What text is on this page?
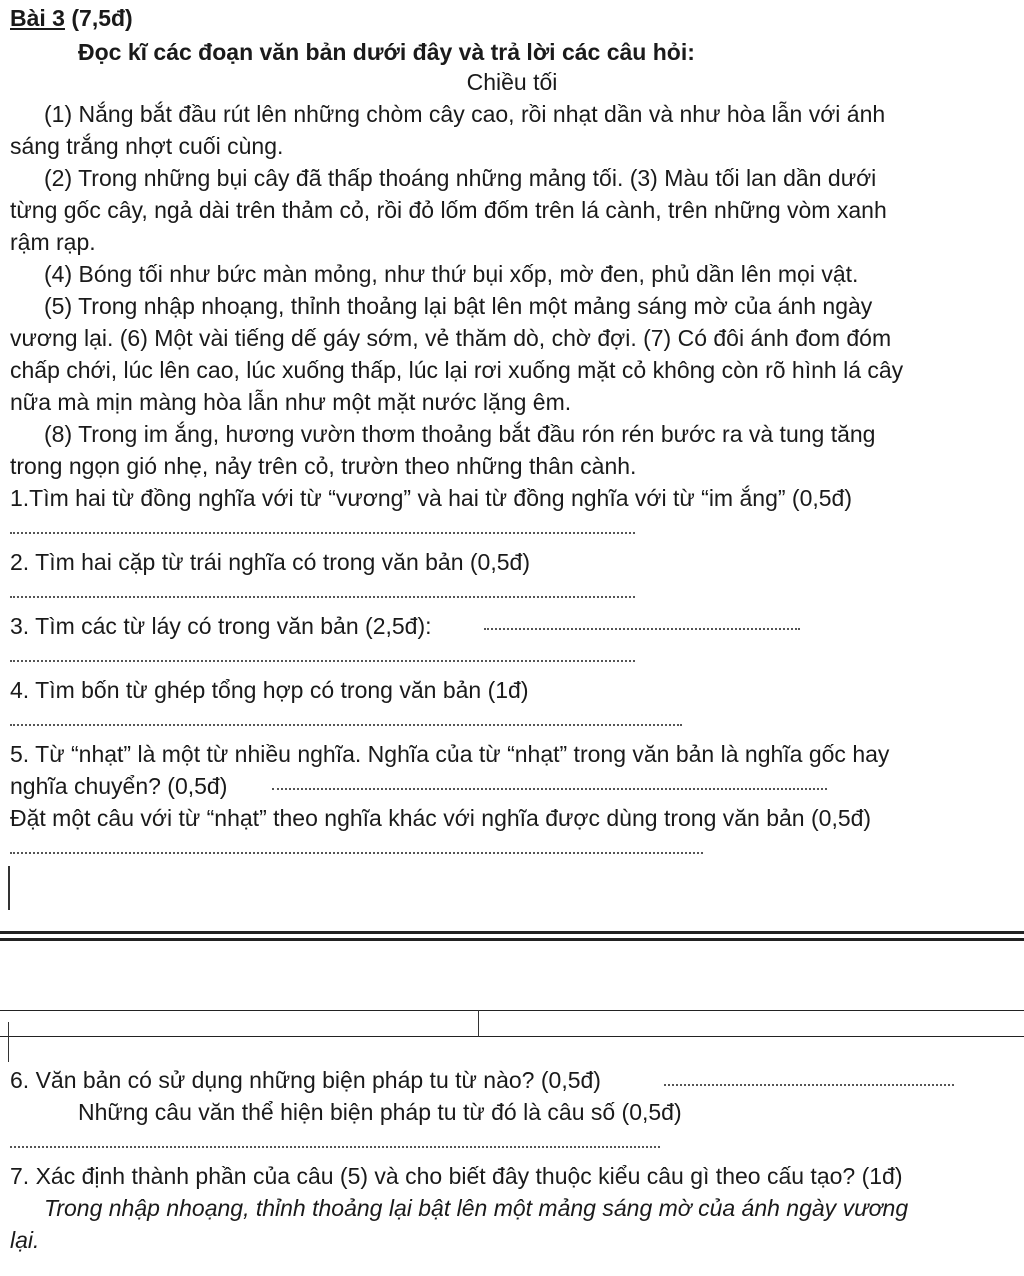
Bài 3 (7,5đ)
Đọc kĩ các đoạn văn bản dưới đây và trả lời các câu hỏi:
Chiều tối
(1) Nắng bắt đầu rút lên những chòm cây cao, rồi nhạt dần và như hòa lẫn với ánh
sáng trắng nhợt cuối cùng.
(2) Trong những bụi cây đã thấp thoáng những mảng tối. (3) Màu tối lan dần dưới
từng gốc cây, ngả dài trên thảm cỏ, rồi đỏ lốm đốm trên lá cành, trên những vòm xanh
rậm rạp.
(4) Bóng tối như bức màn mỏng, như thứ bụi xốp, mờ đen, phủ dần lên mọi vật.
(5) Trong nhập nhoạng, thỉnh thoảng lại bật lên một mảng sáng mờ của ánh ngày
vương lại. (6) Một vài tiếng dế gáy sớm, vẻ thăm dò, chờ đợi. (7) Có đôi ánh đom đóm
chấp chới, lúc lên cao, lúc xuống thấp, lúc lại rơi xuống mặt cỏ không còn rõ hình lá cây
nữa mà mịn màng hòa lẫn như một mặt nước lặng êm.
(8) Trong im ắng, hương vườn thơm thoảng bắt đầu rón rén bước ra và tung tăng
trong ngọn gió nhẹ, nảy trên cỏ, trườn theo những thân cành.
1.Tìm hai từ đồng nghĩa với từ “vương” và hai từ đồng nghĩa với từ “im ắng” (0,5đ)
2. Tìm hai cặp từ trái nghĩa có trong văn bản (0,5đ)
3. Tìm các từ láy có trong văn bản (2,5đ):
4. Tìm bốn từ ghép tổng hợp có trong văn bản (1đ)
5. Từ “nhạt” là một từ nhiều nghĩa. Nghĩa của từ “nhạt” trong văn bản là nghĩa gốc hay
nghĩa chuyển? (0,5đ)
Đặt một câu với từ “nhạt” theo nghĩa khác với nghĩa được dùng trong văn bản (0,5đ)
6. Văn bản có sử dụng những biện pháp tu từ nào? (0,5đ)
Những câu văn thể hiện biện pháp tu từ đó là câu số (0,5đ)
7. Xác định thành phần của câu (5) và cho biết đây thuộc kiểu câu gì theo cấu tạo? (1đ)
Trong nhập nhoạng, thỉnh thoảng lại bật lên một mảng sáng mờ của ánh ngày vương
lại.
